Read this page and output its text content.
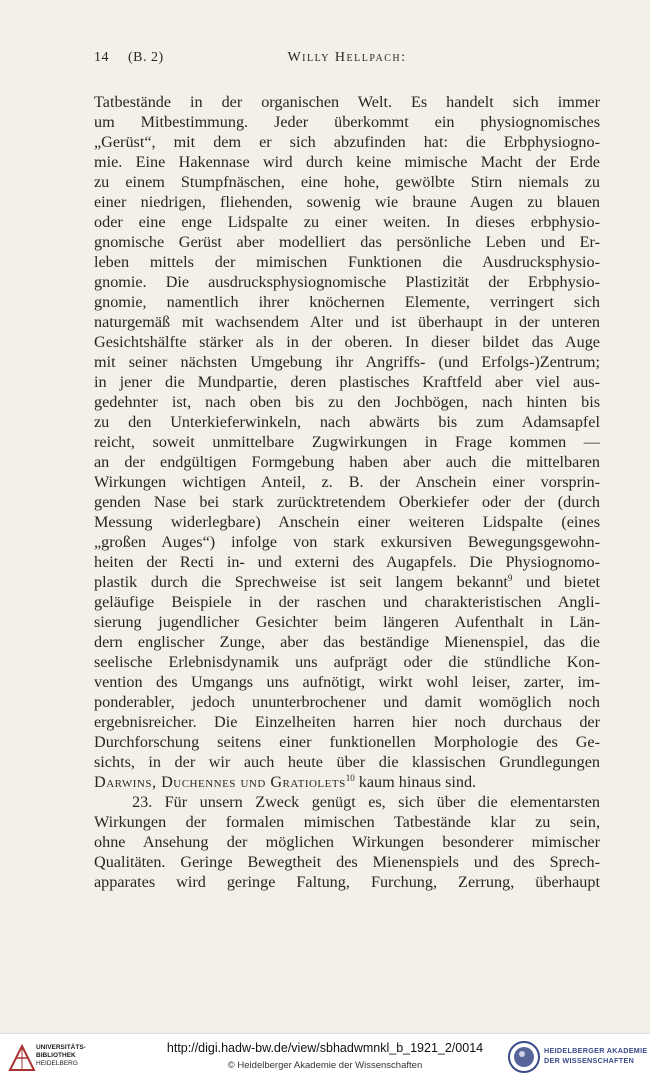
14 (B. 2)	Willy Hellpach:
Tatbestände in der organischen Welt. Es handelt sich immer
um Mitbestimmung. Jeder überkommt ein physiognomisches
„Gerüst“, mit dem er sich abzufinden hat: die Erbphysiogno-
mie. Eine Hakennase wird durch keine mimische Macht der Erde
zu einem Stumpfnäschen, eine hohe, gewölbte Stirn niemals zu
einer niedrigen, fliehenden, sowenig wie braune Augen zu blauen
oder eine enge Lidspalte zu einer weiten. In dieses erbphysio-
gnomische Gerüst aber modelliert das persönliche Leben und Er-
leben mittels der mimischen Funktionen die Ausdrucksphysio-
gnomie. Die ausdrucksphysiognomische Plastizität der Erbphysio-
gnomie, namentlich ihrer knöchernen Elemente, verringert sich
naturgemäß mit wachsendem Alter und ist überhaupt in der unteren
Gesichtshälfte stärker als in der oberen. In dieser bildet das Auge
mit seiner nächsten Umgebung ihr Angriffs- (und Erfolgs-)Zentrum;
in jener die Mundpartie, deren plastisches Kraftfeld aber viel aus-
gedehnter ist, nach oben bis zu den Jochbögen, nach hinten bis
zu den Unterkieferwinkeln, nach abwärts bis zum Adamsapfel
reicht, soweit unmittelbare Zugwirkungen in Frage kommen —
an der endgültigen Formgebung haben aber auch die mittelbaren
Wirkungen wichtigen Anteil, z. B. der Anschein einer vorsprin-
genden Nase bei stark zurücktretendem Oberkiefer oder der (durch
Messung widerlegbare) Anschein einer weiteren Lidspalte (eines
„großen Auges“) infolge von stark exkursiven Bewegungsgewohn-
heiten der Recti in- und externi des Augapfels. Die Physiognomo-
plastik durch die Sprechweise ist seit langem bekannt$^9$ und bietet
geläufige Beispiele in der raschen und charakteristischen Angli-
sierung jugendlicher Gesichter beim längeren Aufenthalt in Län-
dern englischer Zunge, aber das beständige Mienenspiel, das die
seelische Erlebnisdynamik uns aufprägt oder die stündliche Kon-
vention des Umgangs uns aufnötigt, wirkt wohl leiser, zarter, im-
ponderabler, jedoch ununterbrochener und damit womöglich noch
ergebnisreicher. Die Einzelheiten harren hier noch durchaus der
Durchforschung seitens einer funktionellen Morphologie des Ge-
sichts, in der wir auch heute über die klassischen Grundlegungen
Darwins, Duchennes und Gratiolets$^{10}$ kaum hinaus sind.
23. Für unsern Zweck genügt es, sich über die elementarsten
Wirkungen der formalen mimischen Tatbestände klar zu sein,
ohne Ansehung der möglichen Wirkungen besonderer mimischer
Qualitäten. Geringe Bewegtheit des Mienenspiels und des Sprech-
apparates wird geringe Faltung, Furchung, Zerrung, überhaupt
UNIVERSITÄTS-
BIBLIOTHEK
HEIDELBERG
http://digi.hadw-bw.de/view/sbhadwmnkl_b_1921_2/0014
© Heidelberger Akademie der Wissenschaften
HEIDELBERGER AKADEMIE
DER WISSENSCHAFTEN
